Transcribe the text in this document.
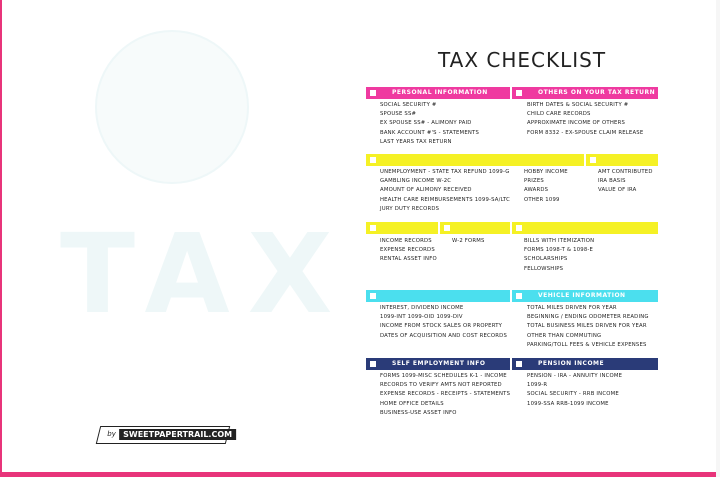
TAX
TAX CHECKLIST
PERSONAL INFORMATION	OTHERS ON YOUR TAX RETURN
SOCIAL SECURITY #
SPOUSE SS#
EX SPOUSE SS# - ALIMONY PAID
BANK ACCOUNT #'S - STATEMENTS
LAST YEARS TAX RETURN
BIRTH DATES & SOCIAL SECURITY #
CHILD CARE RECORDS
APPROXIMATE INCOME OF OTHERS
FORM 8332 - EX-SPOUSE CLAIM RELEASE
UNEMPLOYMENT - STATE TAX REFUND 1099-G
GAMBLING INCOME W-2C
AMOUNT OF ALIMONY RECEIVED
HEALTH CARE REIMBURSEMENTS 1099-SA/LTC
JURY DUTY RECORDS
HOBBY INCOME
PRIZES
AWARDS
OTHER 1099
AMT CONTRIBUTED
IRA BASIS
VALUE OF IRA
INCOME RECORDS
EXPENSE RECORDS
RENTAL ASSET INFO
W-2 FORMS	BILLS WITH ITEMIZATION
FORMS 1098-T & 1098-E
SCHOLARSHIPS
FELLOWSHIPS
VEHICLE INFORMATION
INTEREST, DIVIDEND INCOME
1099-INT 1099-OID 1099-DIV
INCOME FROM STOCK SALES OR PROPERTY
DATES OF ACQUISITION AND COST RECORDS
TOTAL MILES DRIVEN FOR YEAR
BEGINNING / ENDING ODOMETER READING
TOTAL BUSINESS MILES DRIVEN FOR YEAR
OTHER THAN COMMUTING
PARKING/TOLL FEES & VEHICLE EXPENSES
SELF EMPLOYMENT INFO	PENSION INCOME
FORMS 1099-MISC SCHEDULES K-1 - INCOME
RECORDS TO VERIFY AMTS NOT REPORTED
EXPENSE RECORDS - RECEIPTS - STATEMENTS
HOME OFFICE DETAILS
BUSINESS-USE ASSET INFO
PENSION - IRA - ANNUITY INCOME
1099-R
SOCIAL SECURITY - RRB INCOME
1099-SSA RRB-1099 INCOME
by SWEETPAPERTRAIL.COM
